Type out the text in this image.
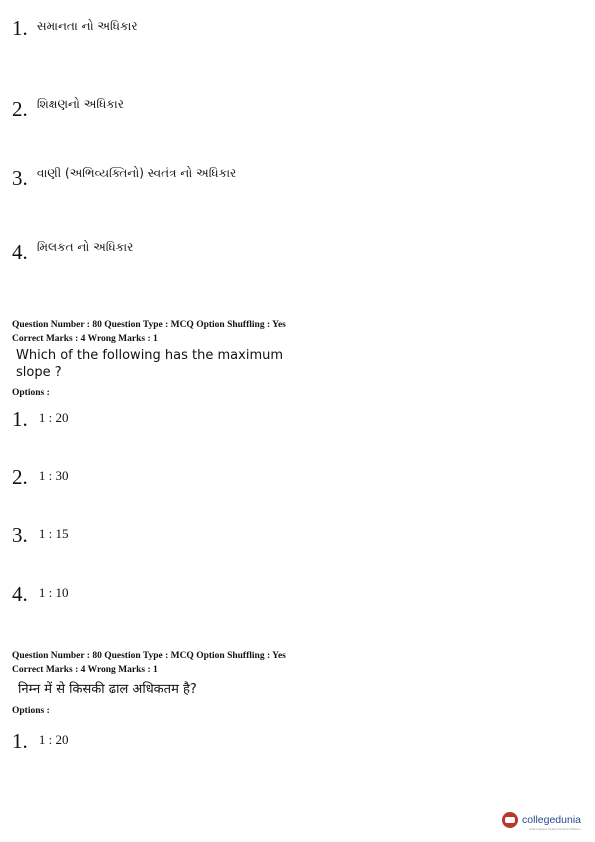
1. $^{સમાનતા નો અધિકાર}$
2. શિક્ષણનો અધિકાર
3. વાણી (અભિવ્યક્તિનો) સ્વતંત્ર નો અધિકાર
4. મિલકત નો અધિકાર
Question Number : 80 Question Type : MCQ Option Shuffling : Yes
Correct Marks : 4 Wrong Marks : 1
Which of the following has the maximum
slope ?
Options :
1. 1 : 20
2. 1 : 30
3. 1 : 15
4. 1 : 10
Question Number : 80 Question Type : MCQ Option Shuffling : Yes
Correct Marks : 4 Wrong Marks : 1
निम्न में से किसकी ढाल अधिकतम है?
Options :
1. 1 : 20
collegedunia
India's largest Student Review Platform
